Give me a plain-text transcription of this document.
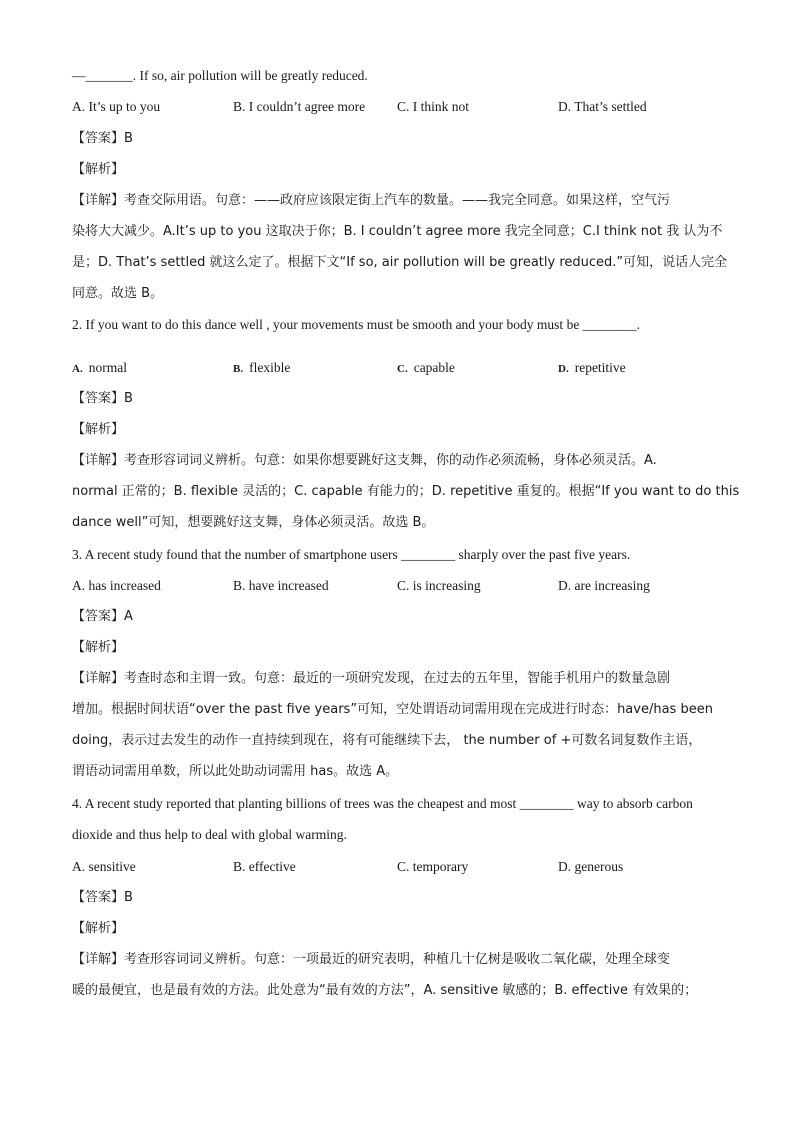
—_______. If so, air pollution will be greatly reduced.
A. It’s up to you	B. I couldn’t agree more C. I think not	D. That’s settled
【答案】B
【解析】
【详解】考查交际用语。句意：——政府应该限定街上汽车的数量。——我完全同意。如果这样，空气污
染将大大减少。A.It’s up to you 这取决于你；B. I couldn’t agree more 我完全同意；C.I think not 我 认为不
是；D. That’s settled 就这么定了。根据下文“If so, air pollution will be greatly reduced.”可知，说话人完全
同意。故选 B。
2. If you want to do this dance well , your movements must be smooth and your body must be ________.
A. normal	B. flexible	C. capable	D. repetitive
【答案】B
【解析】
【详解】考查形容词词义辨析。句意：如果你想要跳好这支舞，你的动作必须流畅，身体必须灵活。A.
normal 正常的；B. flexible 灵活的；C. capable 有能力的；D. repetitive 重复的。根据“If you want to do this
dance well”可知，想要跳好这支舞，身体必须灵活。故选 B。
3. A recent study found that the number of smartphone users ________ sharply over the past five years.
A. has increased	B. have increased	C. is increasing	D. are increasing
【答案】A
【解析】
【详解】考查时态和主谓一致。句意：最近的一项研究发现，在过去的五年里，智能手机用户的数量急剧
增加。根据时间状语“over the past five years”可知，空处谓语动词需用现在完成进行时态：have/has been
doing，表示过去发生的动作一直持续到现在，将有可能继续下去， the number of +可数名词复数作主语，
谓语动词需用单数，所以此处助动词需用 has。故选 A。
4. A recent study reported that planting billions of trees was the cheapest and most ________ way to absorb carbon
dioxide and thus help to deal with global warming.
A. sensitive	B. effective	C. temporary	D. generous
【答案】B
【解析】
【详解】考查形容词词义辨析。句意：一项最近的研究表明，种植几十亿树是吸收二氧化碳，处理全球变
暖的最便宜，也是最有效的方法。此处意为“最有效的方法”，A. sensitive 敏感的；B. effective 有效果的；
